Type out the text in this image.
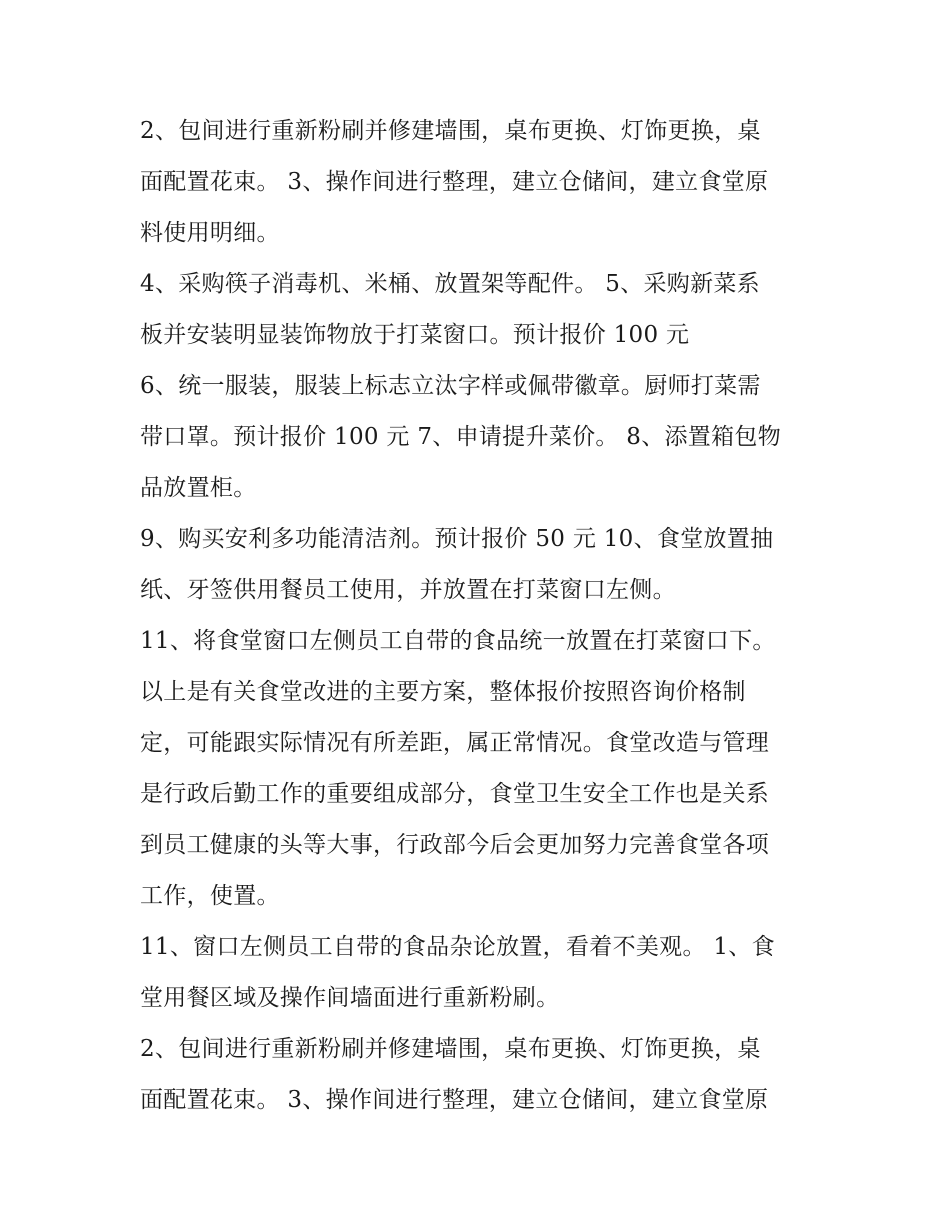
2、包间进行重新粉刷并修建墙围，桌布更换、灯饰更换，桌
面配置花束。 3、操作间进行整理，建立仓储间，建立食堂原
料使用明细。

4、采购筷子消毒机、米桶、放置架等配件。 5、采购新菜系
板并安装明显装饰物放于打菜窗口。预计报价 100 元

6、统一服装，服装上标志立汰字样或佩带徽章。厨师打菜需
带口罩。预计报价 100 元 7、申请提升菜价。 8、添置箱包物
品放置柜。

9、购买安利多功能清洁剂。预计报价 50 元 10、食堂放置抽
纸、牙签供用餐员工使用，并放置在打菜窗口左侧。

11、将食堂窗口左侧员工自带的食品统一放置在打菜窗口下。
以上是有关食堂改进的主要方案，整体报价按照咨询价格制
定，可能跟实际情况有所差距，属正常情况。食堂改造与管理
是行政后勤工作的重要组成部分，食堂卫生安全工作也是关系
到员工健康的头等大事，行政部今后会更加努力完善食堂各项
工作，使置。

11、窗口左侧员工自带的食品杂论放置，看着不美观。 1、食
堂用餐区域及操作间墙面进行重新粉刷。

2、包间进行重新粉刷并修建墙围，桌布更换、灯饰更换，桌
面配置花束。 3、操作间进行整理，建立仓储间，建立食堂原
